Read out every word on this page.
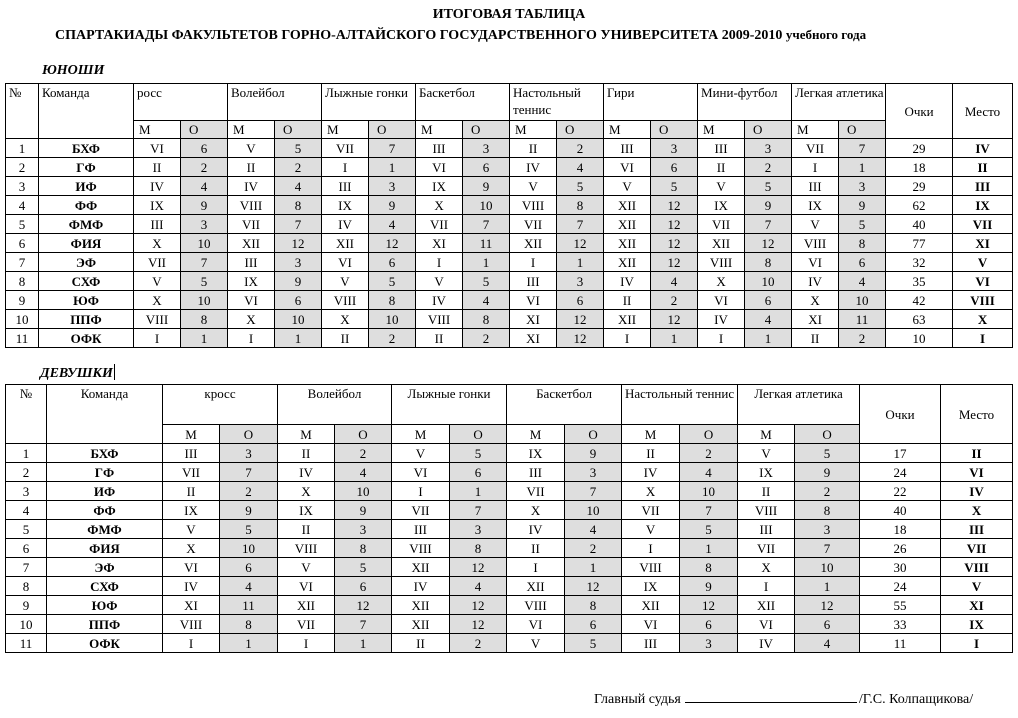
ИТОГОВАЯ ТАБЛИЦА
СПАРТАКИАДЫ ФАКУЛЬТЕТОВ ГОРНО-АЛТАЙСКОГО ГОСУДАРСТВЕННОГО УНИВЕРСИТЕТА 2009-2010 учебного года
ЮНОШИ
№	Команда	росс		Волейбол		Лыжные гонки		Баскетбол		Настольный теннис		Гири		Мини-футбол		Легкая атлетика		Очки	Место
		М	О	М	О	М	О	М	О	М	О	М	О	М	О	М	О		
1	БХФ	VI	6	V	5	VII	7	III	3	II	2	III	3	III	3	VII	7	29	IV
2	ГФ	II	2	II	2	I	1	VI	6	IV	4	VI	6	II	2	I	1	18	II
3	ИФ	IV	4	IV	4	III	3	IX	9	V	5	V	5	V	5	III	3	29	III
4	ФФ	IX	9	VIII	8	IX	9	X	10	VIII	8	XII	12	IX	9	IX	9	62	IX
5	ФМФ	III	3	VII	7	IV	4	VII	7	VII	7	XII	12	VII	7	V	5	40	VII
6	ФИЯ	X	10	XII	12	XII	12	XI	11	XII	12	XII	12	XII	12	VIII	8	77	XI
7	ЭФ	VII	7	III	3	VI	6	I	1	I	1	XII	12	VIII	8	VI	6	32	V
8	СХФ	V	5	IX	9	V	5	V	5	III	3	IV	4	X	10	IV	4	35	VI
9	ЮФ	X	10	VI	6	VIII	8	IV	4	VI	6	II	2	VI	6	X	10	42	VIII
10	ППФ	VIII	8	X	10	X	10	VIII	8	XI	12	XII	12	IV	4	XI	11	63	X
11	ОФК	I	1	I	1	II	2	II	2	XI	12	I	1	I	1	II	2	10	I
ДЕВУШКИ
№	Команда	кросс		Волейбол		Лыжные гонки		Баскетбол		Настольный теннис		Легкая атлетика		Очки	Место
		М	О	М	О	М	О	М	О	М	О	М	О		
1	БХФ	III	3	II	2	V	5	IX	9	II	2	V	5	17	II
2	ГФ	VII	7	IV	4	VI	6	III	3	IV	4	IX	9	24	VI
3	ИФ	II	2	X	10	I	1	VII	7	X	10	II	2	22	IV
4	ФФ	IX	9	IX	9	VII	7	X	10	VII	7	VIII	8	40	X
5	ФМФ	V	5	II	3	III	3	IV	4	V	5	III	3	18	III
6	ФИЯ	X	10	VIII	8	VIII	8	II	2	I	1	VII	7	26	VII
7	ЭФ	VI	6	V	5	XII	12	I	1	VIII	8	X	10	30	VIII
8	СХФ	IV	4	VI	6	IV	4	XII	12	IX	9	I	1	24	V
9	ЮФ	XI	11	XII	12	XII	12	VIII	8	XII	12	XII	12	55	XI
10	ППФ	VIII	8	VII	7	XII	12	VI	6	VI	6	VI	6	33	IX
11	ОФК	I	1	I	1	II	2	V	5	III	3	IV	4	11	I
Главный судья	/Г.С. Колпащикова/
